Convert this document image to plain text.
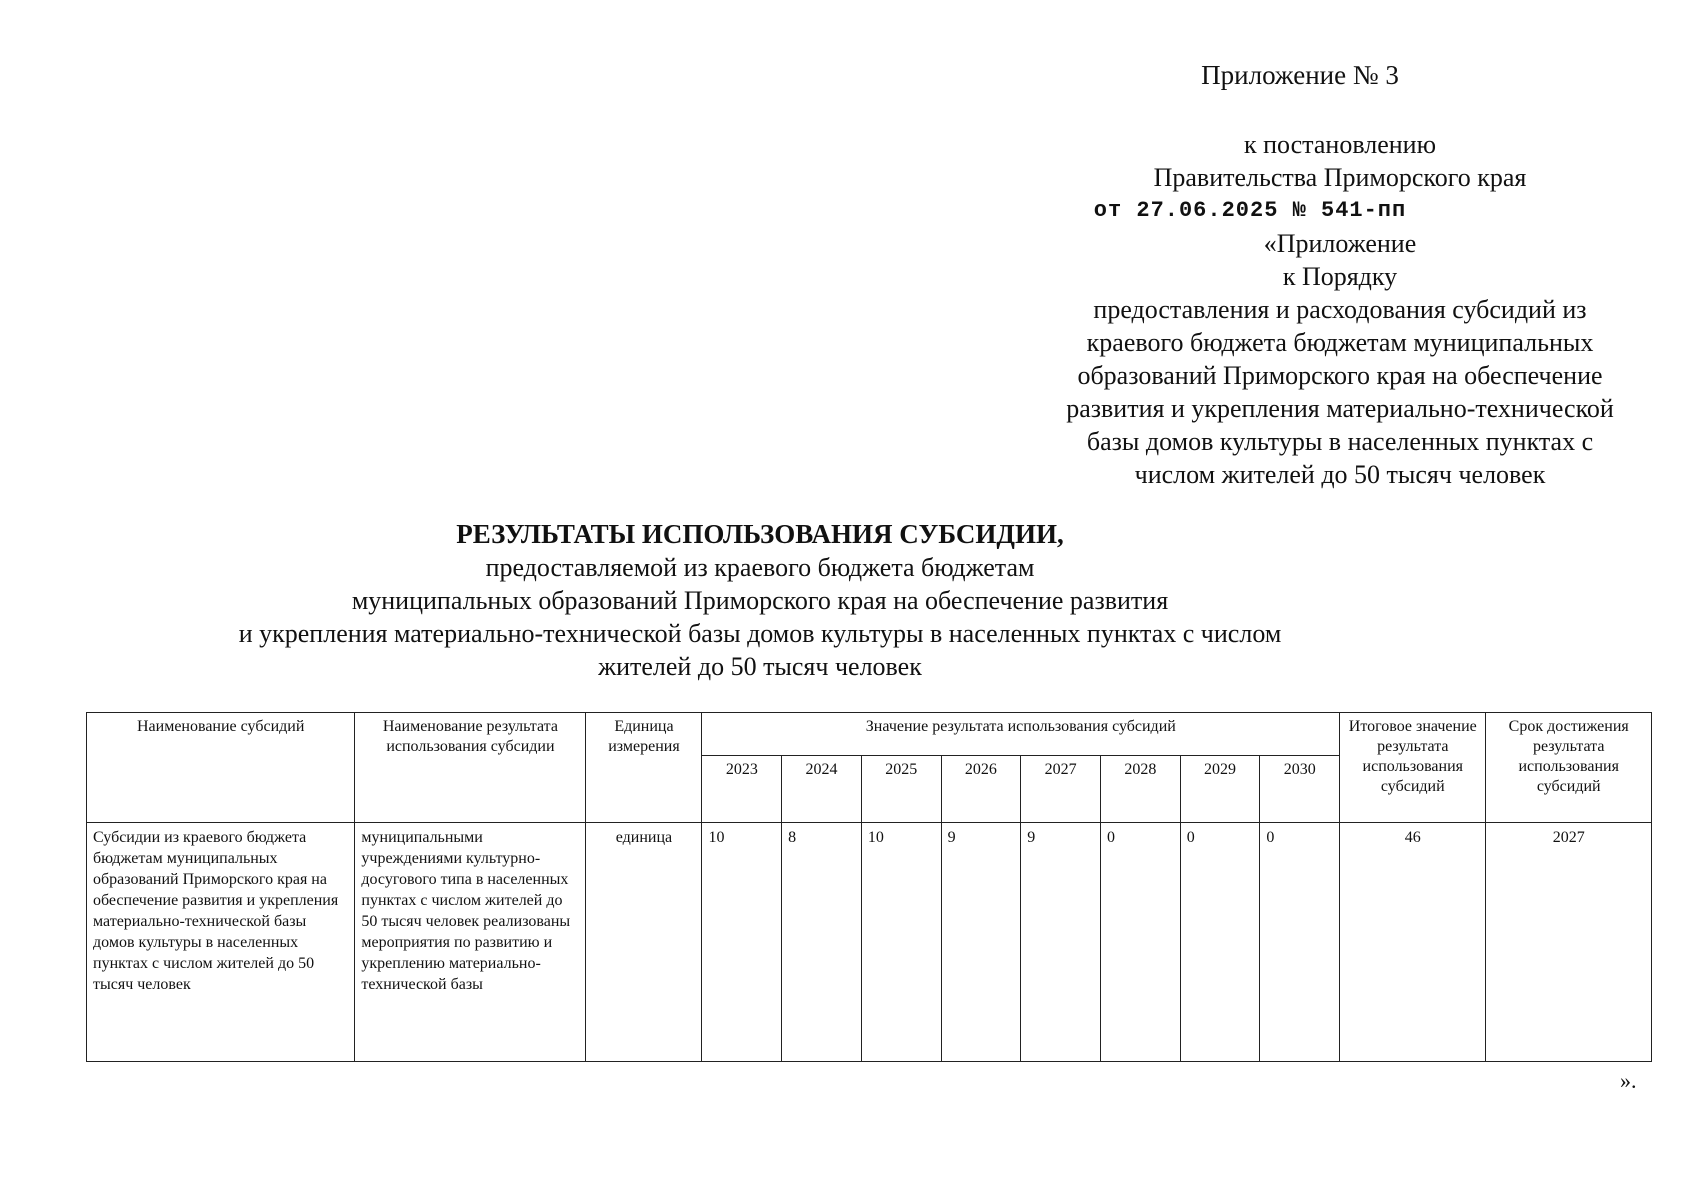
Приложение № 3
к постановлению
Правительства Приморского края
от 27.06.2025 № 541-пп
«Приложение
к Порядку
предоставления и расходования субсидий из
краевого бюджета бюджетам муниципальных
образований Приморского края на обеспечение
развития и укрепления материально-технической
базы домов культуры в населенных пунктах с
числом жителей до 50 тысяч человек
РЕЗУЛЬТАТЫ ИСПОЛЬЗОВАНИЯ СУБСИДИИ,
предоставляемой из краевого бюджета бюджетам
муниципальных образований Приморского края на обеспечение развития
и укрепления материально-технической базы домов культуры в населенных пунктах с числом
жителей до 50 тысяч человек
Наименование субсидий	Наименование результата использования субсидии	Единица измерения	Значение результата использования субсидий								Итоговое значение результата использования субсидий	Срок достижения результата использования субсидий
			2023	2024	2025	2026	2027	2028	2029	2030		
Субсидии из краевого бюджета бюджетам муниципальных образований Приморского края на обеспечение развития и укрепления материально-технической базы домов культуры в населенных пунктах с числом жителей до 50 тысяч человек	муниципальными учреждениями культурно-досугового типа в населенных пунктах с числом жителей до 50 тысяч человек реализованы мероприятия по развитию и укреплению материально-технической базы	единица	10	8	10	9	9	0	0	0	46	2027
».
